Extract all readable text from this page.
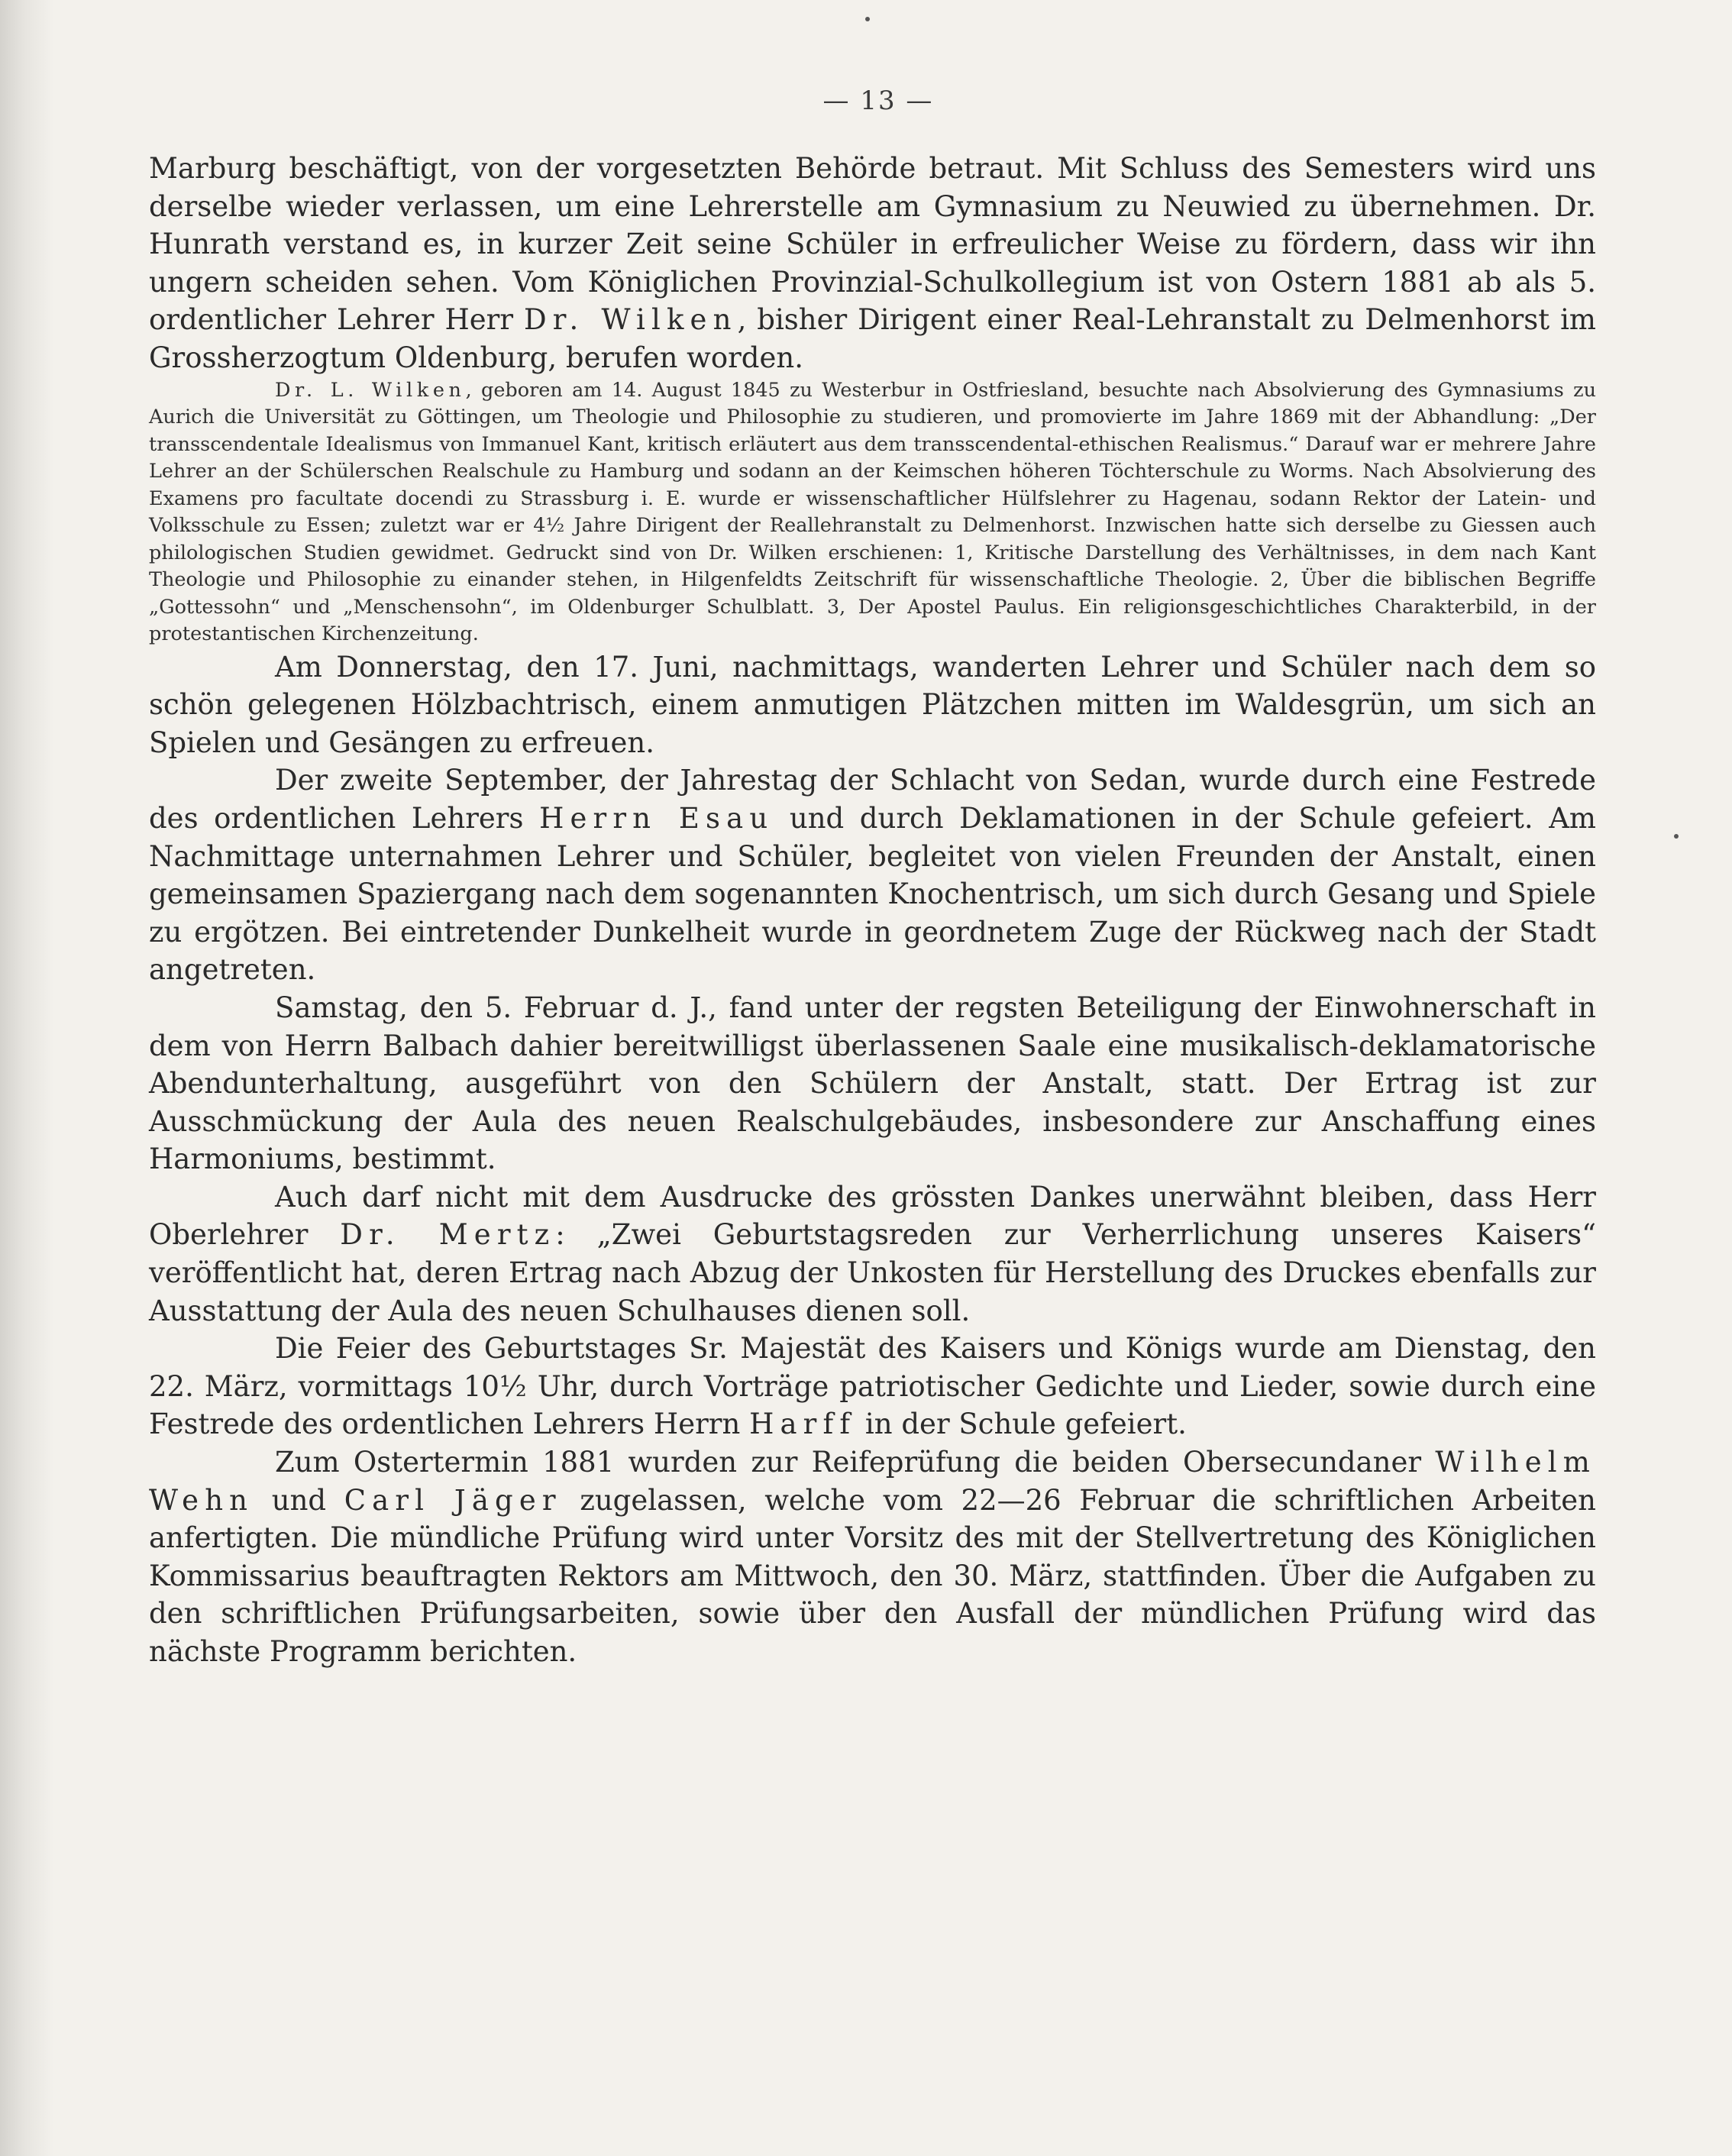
— 13 —

Marburg beschäftigt, von der vorgesetzten Behörde betraut. Mit Schluss des Semesters wird uns derselbe wieder verlassen, um eine Lehrerstelle am Gymnasium zu Neuwied zu übernehmen. Dr. Hunrath verstand es, in kurzer Zeit seine Schüler in erfreulicher Weise zu fördern, dass wir ihn ungern scheiden sehen. Vom Königlichen Provinzial-Schulkollegium ist von Ostern 1881 ab als 5. ordentlicher Lehrer Herr Dr. Wilken, bisher Dirigent einer Real-Lehranstalt zu Delmenhorst im Grossherzogtum Oldenburg, berufen worden.

Dr. L. Wilken, geboren am 14. August 1845 zu Westerbur in Ostfriesland, besuchte nach Absolvierung des Gymnasiums zu Aurich die Universität zu Göttingen, um Theologie und Philosophie zu studieren, und promovierte im Jahre 1869 mit der Abhandlung: „Der transscendentale Idealismus von Immanuel Kant, kritisch erläutert aus dem transscendental-ethischen Realismus.“ Darauf war er mehrere Jahre Lehrer an der Schülerschen Realschule zu Hamburg und sodann an der Keimschen höheren Töchterschule zu Worms. Nach Absolvierung des Examens pro facultate docendi zu Strassburg i. E. wurde er wissenschaftlicher Hülfslehrer zu Hagenau, sodann Rektor der Latein- und Volksschule zu Essen; zuletzt war er 4½ Jahre Dirigent der Reallehranstalt zu Delmenhorst. Inzwischen hatte sich derselbe zu Giessen auch philologischen Studien gewidmet. Gedruckt sind von Dr. Wilken erschienen: 1, Kritische Darstellung des Verhältnisses, in dem nach Kant Theologie und Philosophie zu einander stehen, in Hilgenfeldts Zeitschrift für wissenschaftliche Theologie. 2, Über die biblischen Begriffe „Gottessohn“ und „Menschensohn“, im Oldenburger Schulblatt. 3, Der Apostel Paulus. Ein religionsgeschichtliches Charakterbild, in der protestantischen Kirchenzeitung.

Am Donnerstag, den 17. Juni, nachmittags, wanderten Lehrer und Schüler nach dem so schön gelegenen Hölzbachtrisch, einem anmutigen Plätzchen mitten im Waldesgrün, um sich an Spielen und Gesängen zu erfreuen.

Der zweite September, der Jahrestag der Schlacht von Sedan, wurde durch eine Festrede des ordentlichen Lehrers Herrn Esau und durch Deklamationen in der Schule gefeiert. Am Nachmittage unternahmen Lehrer und Schüler, begleitet von vielen Freunden der Anstalt, einen gemeinsamen Spaziergang nach dem sogenannten Knochentrisch, um sich durch Gesang und Spiele zu ergötzen. Bei eintretender Dunkelheit wurde in geordnetem Zuge der Rückweg nach der Stadt angetreten.

Samstag, den 5. Februar d. J., fand unter der regsten Beteiligung der Einwohnerschaft in dem von Herrn Balbach dahier bereitwilligst überlassenen Saale eine musikalisch-deklamatorische Abendunterhaltung, ausgeführt von den Schülern der Anstalt, statt. Der Ertrag ist zur Ausschmückung der Aula des neuen Realschulgebäudes, insbesondere zur Anschaffung eines Harmoniums, bestimmt.

Auch darf nicht mit dem Ausdrucke des grössten Dankes unerwähnt bleiben, dass Herr Oberlehrer Dr. Mertz: „Zwei Geburtstagsreden zur Verherrlichung unseres Kaisers“ veröffentlicht hat, deren Ertrag nach Abzug der Unkosten für Herstellung des Druckes ebenfalls zur Ausstattung der Aula des neuen Schulhauses dienen soll.

Die Feier des Geburtstages Sr. Majestät des Kaisers und Königs wurde am Dienstag, den 22. März, vormittags 10½ Uhr, durch Vorträge patriotischer Gedichte und Lieder, sowie durch eine Festrede des ordentlichen Lehrers Herrn Harff in der Schule gefeiert.

Zum Ostertermin 1881 wurden zur Reifeprüfung die beiden Obersecundaner Wilhelm Wehn und Carl Jäger zugelassen, welche vom 22—26 Februar die schriftlichen Arbeiten anfertigten. Die mündliche Prüfung wird unter Vorsitz des mit der Stellvertretung des Königlichen Kommissarius beauftragten Rektors am Mittwoch, den 30. März, stattfinden. Über die Aufgaben zu den schriftlichen Prüfungsarbeiten, sowie über den Ausfall der mündlichen Prüfung wird das nächste Programm berichten.
